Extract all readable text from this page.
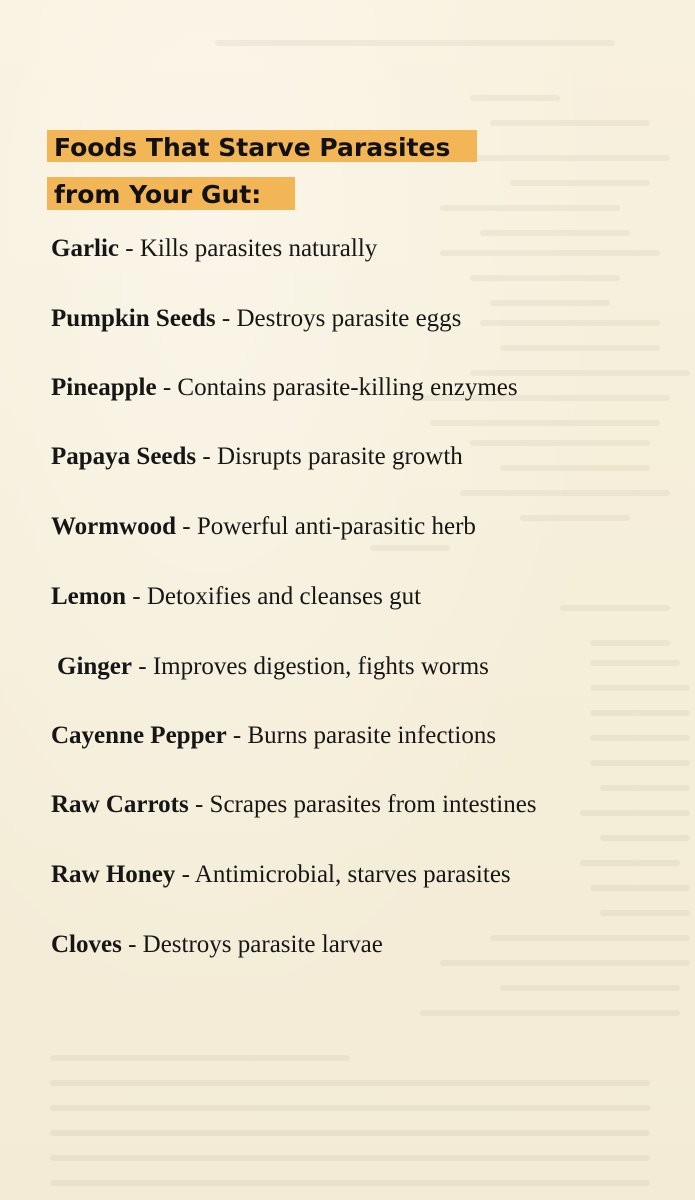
Foods That Starve Parasites
from Your Gut:
Garlic - Kills parasites naturally
Pumpkin Seeds - Destroys parasite eggs
Pineapple - Contains parasite-killing enzymes
Papaya Seeds - Disrupts parasite growth
Wormwood - Powerful anti-parasitic herb
Lemon - Detoxifies and cleanses gut
Ginger - Improves digestion, fights worms
Cayenne Pepper - Burns parasite infections
Raw Carrots - Scrapes parasites from intestines
Raw Honey - Antimicrobial, starves parasites
Cloves - Destroys parasite larvae
